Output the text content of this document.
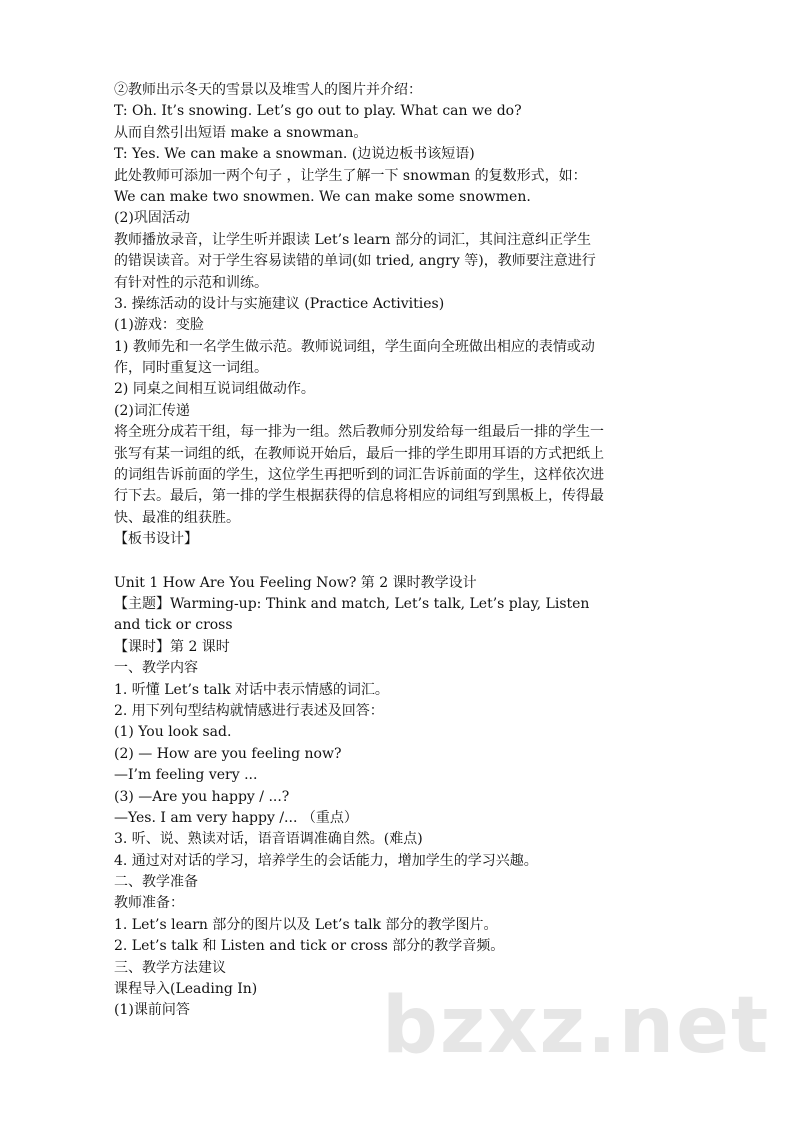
②教师出示冬天的雪景以及堆雪人的图片并介绍：

T: Oh. It’s snowing. Let’s go out to play. What can we do?

从而自然引出短语 make a snowman。

T: Yes. We can make a snowman. (边说边板书该短语)

此处教师可添加一两个句子 ，让学生了解一下 snowman 的复数形式，如：

We can make two snowmen. We can make some snowmen.

(2)巩固活动

教师播放录音，让学生听并跟读 Let’s learn 部分的词汇，其间注意纠正学生

的错误读音。对于学生容易读错的单词(如 tried, angry 等)，教师要注意进行

有针对性的示范和训练。

3. 操练活动的设计与实施建议 (Practice Activities)

(1)游戏：变脸

1) 教师先和一名学生做示范。教师说词组，学生面向全班做出相应的表情或动

作，同时重复这一词组。

2) 同桌之间相互说词组做动作。

(2)词汇传递

将全班分成若干组，每一排为一组。然后教师分别发给每一组最后一排的学生一

张写有某一词组的纸，在教师说开始后，最后一排的学生即用耳语的方式把纸上

的词组告诉前面的学生，这位学生再把听到的词汇告诉前面的学生，这样依次进

行下去。最后，第一排的学生根据获得的信息将相应的词组写到黑板上，传得最

快、最准的组获胜。

【板书设计】

Unit 1 How Are You Feeling Now? 第 2 课时教学设计

【主题】Warming-up: Think and match, Let’s talk, Let’s play, Listen

and tick or cross

【课时】第 2 课时

一、教学内容

1. 听懂 Let’s talk 对话中表示情感的词汇。

2. 用下列句型结构就情感进行表述及回答：

(1) You look sad.

(2) — How are you feeling now?

—I’m feeling very ...

(3) —Are you happy / ...?

—Yes. I am very happy /... （重点）

3. 听、说、熟读对话，语音语调准确自然。(难点)

4. 通过对对话的学习，培养学生的会话能力，增加学生的学习兴趣。

二、教学准备

教师准备：

1. Let’s learn 部分的图片以及 Let’s talk 部分的教学图片。

2. Let’s talk 和 Listen and tick or cross 部分的教学音频。

三、教学方法建议

课程导入(Leading In)

(1)课前问答	bzxz.net
